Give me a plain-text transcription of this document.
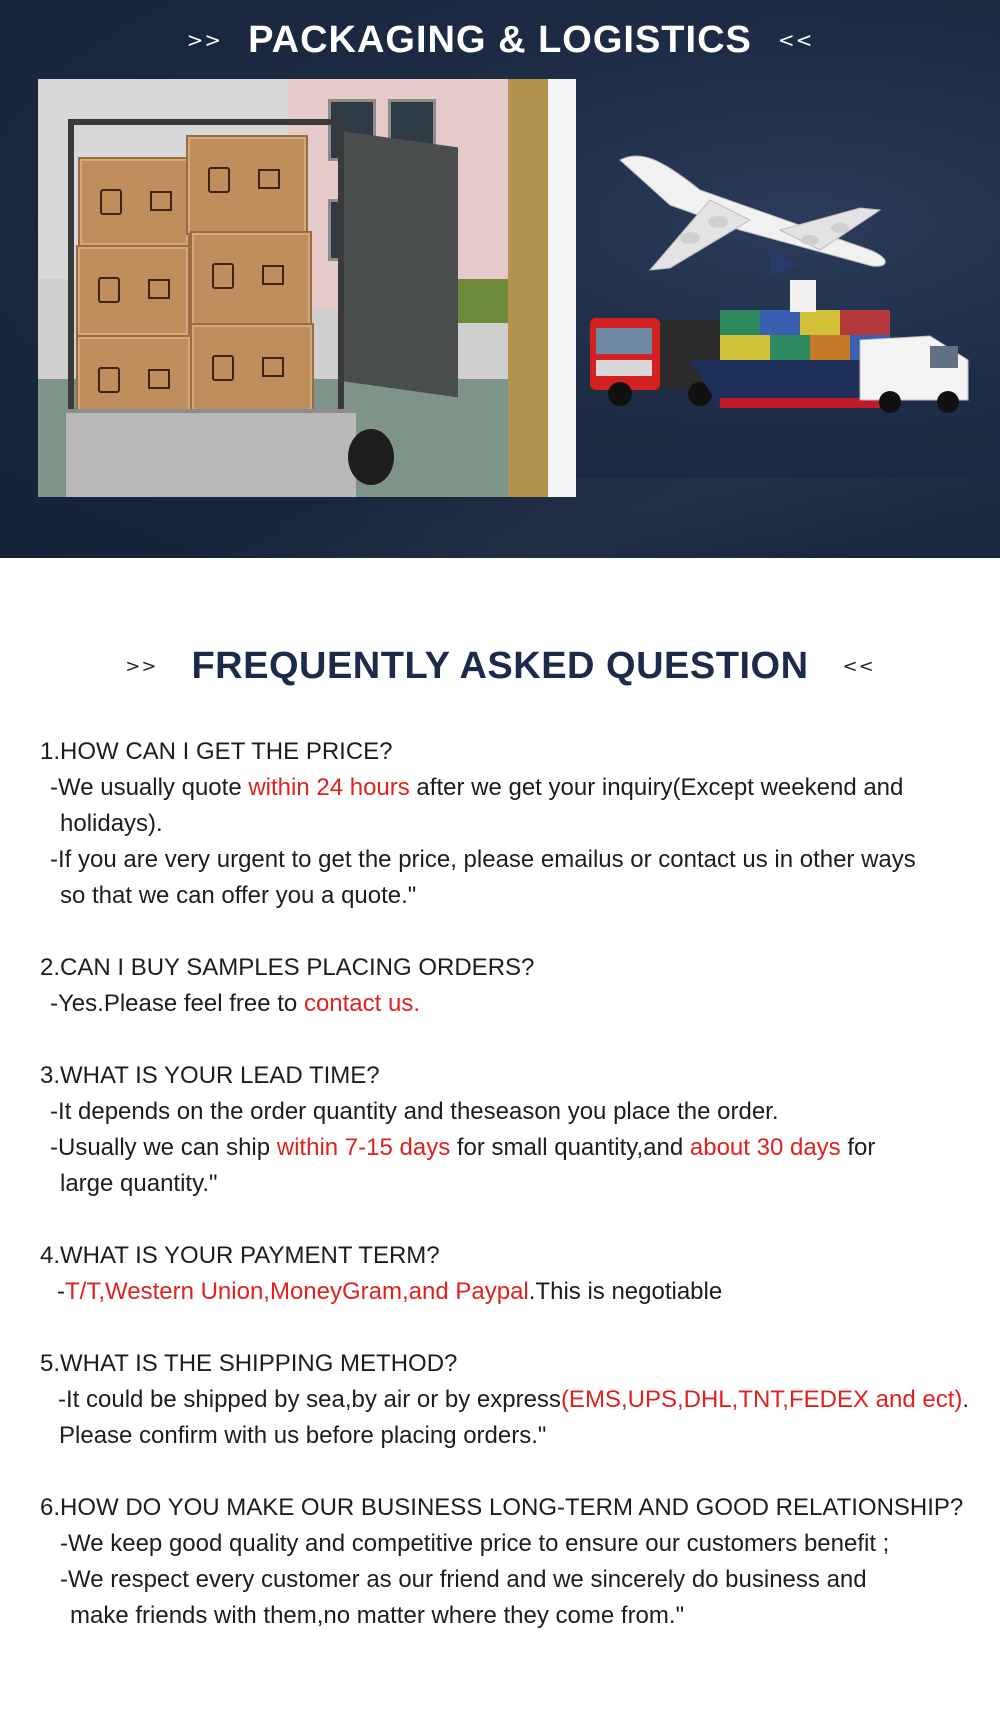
>> PACKAGING & LOGISTICS <<
>> FREQUENTLY ASKED QUESTION <<

1.HOW CAN I GET THE PRICE?

-We usually quote within 24 hours after we get your inquiry(Except weekend and
holidays).

-If you are very urgent to get the price, please emailus or contact us in other ways
so that we can offer you a quote."

2.CAN I BUY SAMPLES PLACING ORDERS?

-Yes.Please feel free to contact us.

3.WHAT IS YOUR LEAD TIME?

-It depends on the order quantity and theseason you place the order.

-Usually we can ship within 7-15 days for small quantity,and about 30 days for
large quantity."

4.WHAT IS YOUR PAYMENT TERM?

-T/T,Western Union,MoneyGram,and Paypal.This is negotiable

5.WHAT IS THE SHIPPING METHOD?

-It could be shipped by sea,by air or by express(EMS,UPS,DHL,TNT,FEDEX and ect).

Please confirm with us before placing orders."

6.HOW DO YOU MAKE OUR BUSINESS LONG-TERM AND GOOD RELATIONSHIP?

-We keep good quality and competitive price to ensure our customers benefit ;

-We respect every customer as our friend and we sincerely do business and
make friends with them,no matter where they come from."
